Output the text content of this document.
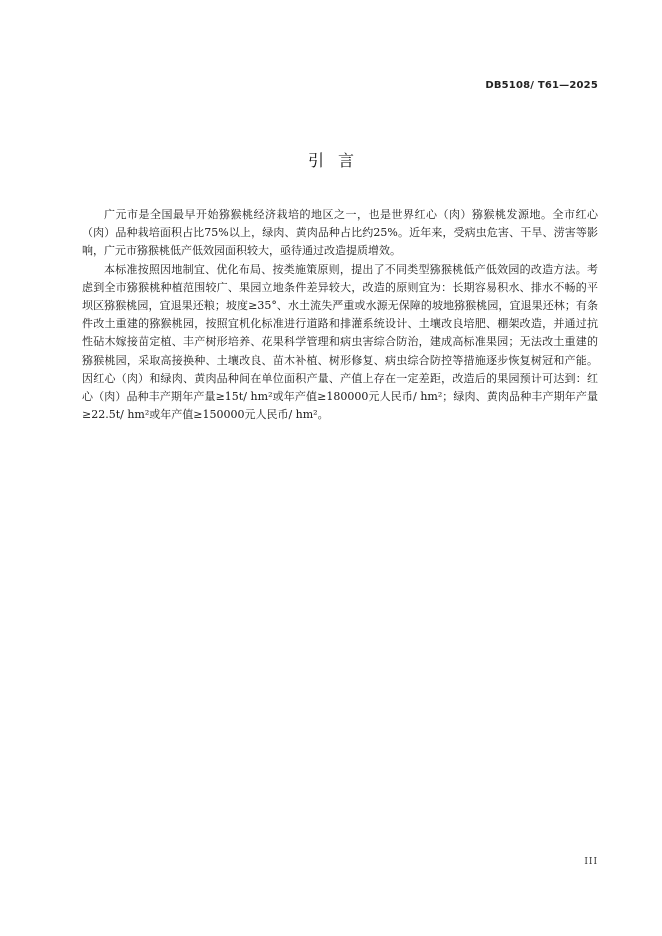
DB5108/ T61—2025
引言

广元市是全国最早开始猕猴桃经济栽培的地区之一，也是世界红心（肉）猕猴桃发源地。全市红心（肉）品种栽培面积占比75%以上，绿肉、黄肉品种占比约25%。近年来，受病虫危害、干旱、涝害等影响，广元市猕猴桃低产低效园面积较大，亟待通过改造提质增效。

本标准按照因地制宜、优化布局、按类施策原则，提出了不同类型猕猴桃低产低效园的改造方法。考虑到全市猕猴桃种植范围较广、果园立地条件差异较大，改造的原则宜为：长期容易积水、排水不畅的平坝区猕猴桃园，宜退果还粮；坡度≥35°、水土流失严重或水源无保障的坡地猕猴桃园，宜退果还林；有条件改土重建的猕猴桃园，按照宜机化标准进行道路和排灌系统设计、土壤改良培肥、棚架改造，并通过抗性砧木嫁接苗定植、丰产树形培养、花果科学管理和病虫害综合防治，建成高标准果园；无法改土重建的猕猴桃园，采取高接换种、土壤改良、苗木补植、树形修复、病虫综合防控等措施逐步恢复树冠和产能。因红心（肉）和绿肉、黄肉品种间在单位面积产量、产值上存在一定差距，改造后的果园预计可达到：红心（肉）品种丰产期年产量≥15t/ hm²或年产值≥180000元人民币/ hm²；绿肉、黄肉品种丰产期年产量≥22.5t/ hm²或年产值≥150000元人民币/ hm²。

III
